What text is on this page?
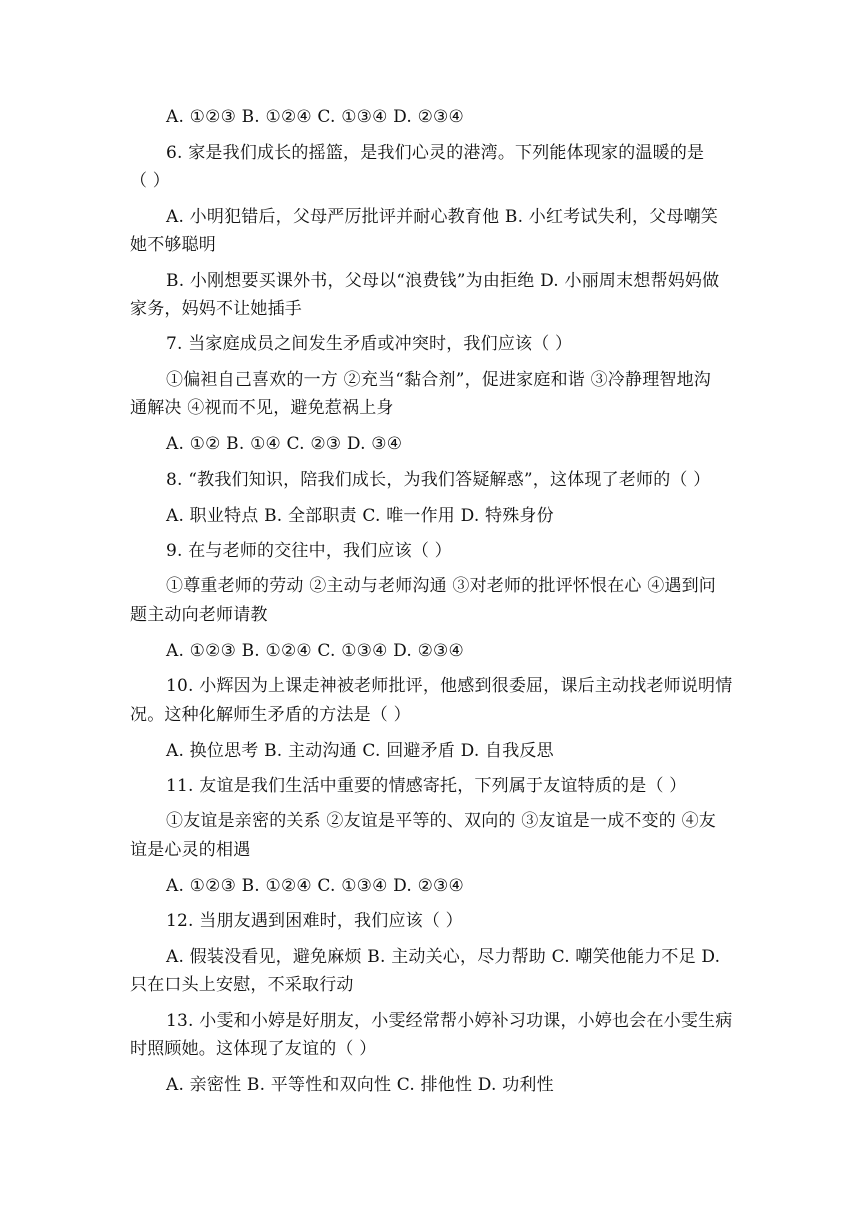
A. ①②③ B. ①②④ C. ①③④ D. ②③④
6. 家是我们成长的摇篮，是我们心灵的港湾。下列能体现家的温暖的是
（ ）
A. 小明犯错后，父母严厉批评并耐心教育他 B. 小红考试失利，父母嘲笑
她不够聪明
B. 小刚想要买课外书，父母以“浪费钱”为由拒绝 D. 小丽周末想帮妈妈做
家务，妈妈不让她插手
7. 当家庭成员之间发生矛盾或冲突时，我们应该（ ）
①偏袒自己喜欢的一方 ②充当“黏合剂”，促进家庭和谐 ③冷静理智地沟
通解决 ④视而不见，避免惹祸上身
A. ①② B. ①④ C. ②③ D. ③④
8. “教我们知识，陪我们成长，为我们答疑解惑”，这体现了老师的（ ）
A. 职业特点 B. 全部职责 C. 唯一作用 D. 特殊身份
9. 在与老师的交往中，我们应该（ ）
①尊重老师的劳动 ②主动与老师沟通 ③对老师的批评怀恨在心 ④遇到问
题主动向老师请教
A. ①②③ B. ①②④ C. ①③④ D. ②③④
10. 小辉因为上课走神被老师批评，他感到很委屈，课后主动找老师说明情
况。这种化解师生矛盾的方法是（ ）
A. 换位思考 B. 主动沟通 C. 回避矛盾 D. 自我反思
11. 友谊是我们生活中重要的情感寄托，下列属于友谊特质的是（ ）
①友谊是亲密的关系 ②友谊是平等的、双向的 ③友谊是一成不变的 ④友
谊是心灵的相遇
A. ①②③ B. ①②④ C. ①③④ D. ②③④
12. 当朋友遇到困难时，我们应该（ ）
A. 假装没看见，避免麻烦 B. 主动关心，尽力帮助 C. 嘲笑他能力不足 D.
只在口头上安慰，不采取行动
13. 小雯和小婷是好朋友，小雯经常帮小婷补习功课，小婷也会在小雯生病
时照顾她。这体现了友谊的（ ）
A. 亲密性 B. 平等性和双向性 C. 排他性 D. 功利性
